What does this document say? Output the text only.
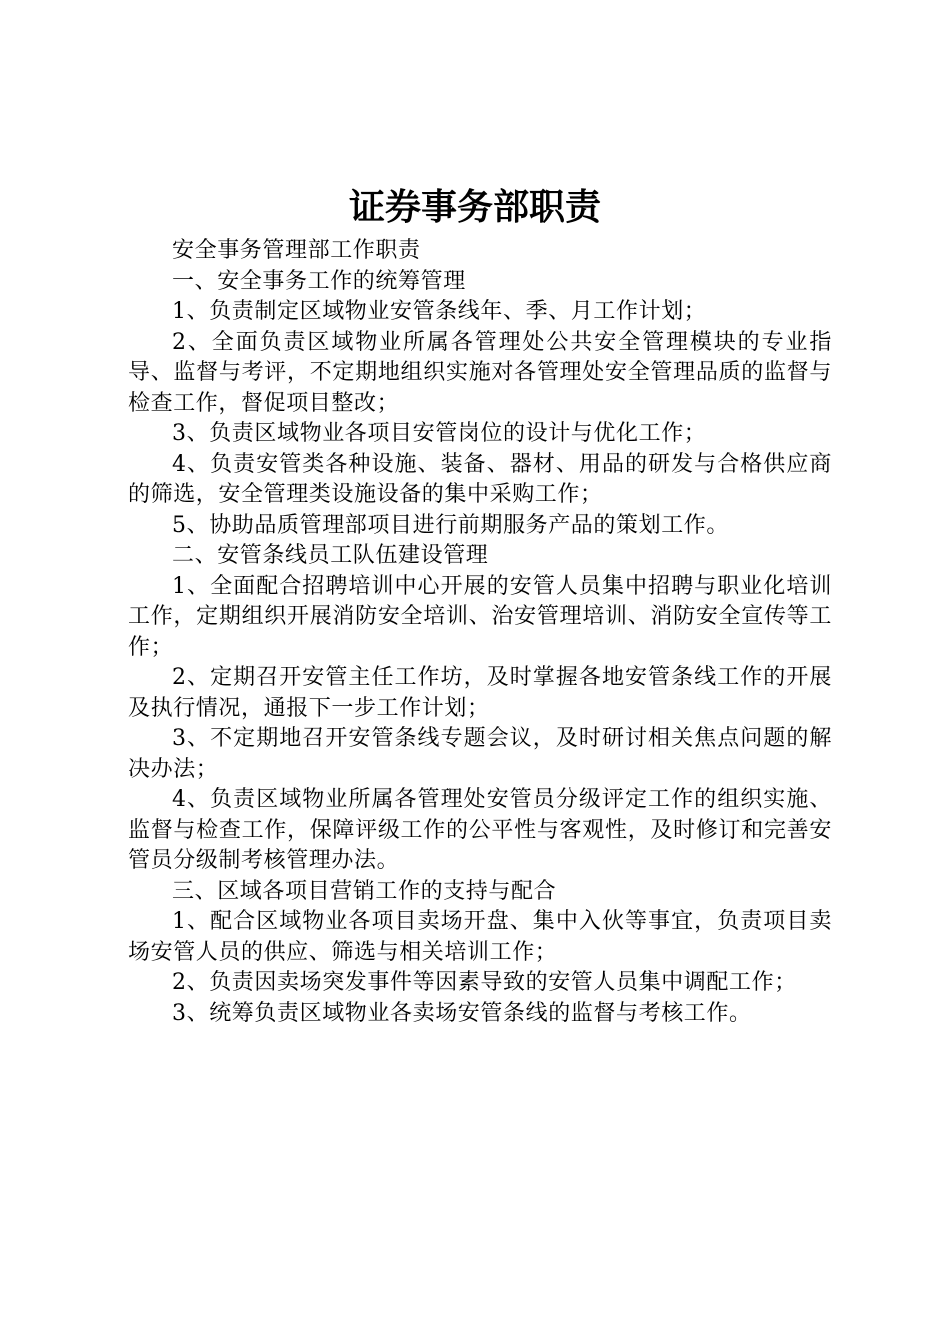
证券事务部职责

安全事务管理部工作职责

一、安全事务工作的统筹管理

1、负责制定区域物业安管条线年、季、月工作计划；

2、全面负责区域物业所属各管理处公共安全管理模块的专业指导、监督与考评，不定期地组织实施对各管理处安全管理品质的监督与检查工作，督促项目整改；

3、负责区域物业各项目安管岗位的设计与优化工作；

4、负责安管类各种设施、装备、器材、用品的研发与合格供应商的筛选，安全管理类设施设备的集中采购工作；

5、协助品质管理部项目进行前期服务产品的策划工作。

二、安管条线员工队伍建设管理

1、全面配合招聘培训中心开展的安管人员集中招聘与职业化培训工作，定期组织开展消防安全培训、治安管理培训、消防安全宣传等工作；

2、定期召开安管主任工作坊，及时掌握各地安管条线工作的开展及执行情况，通报下一步工作计划；

3、不定期地召开安管条线专题会议，及时研讨相关焦点问题的解决办法；

4、负责区域物业所属各管理处安管员分级评定工作的组织实施、监督与检查工作，保障评级工作的公平性与客观性，及时修订和完善安管员分级制考核管理办法。

三、区域各项目营销工作的支持与配合

1、配合区域物业各项目卖场开盘、集中入伙等事宜，负责项目卖场安管人员的供应、筛选与相关培训工作；

2、负责因卖场突发事件等因素导致的安管人员集中调配工作；

3、统筹负责区域物业各卖场安管条线的监督与考核工作。
